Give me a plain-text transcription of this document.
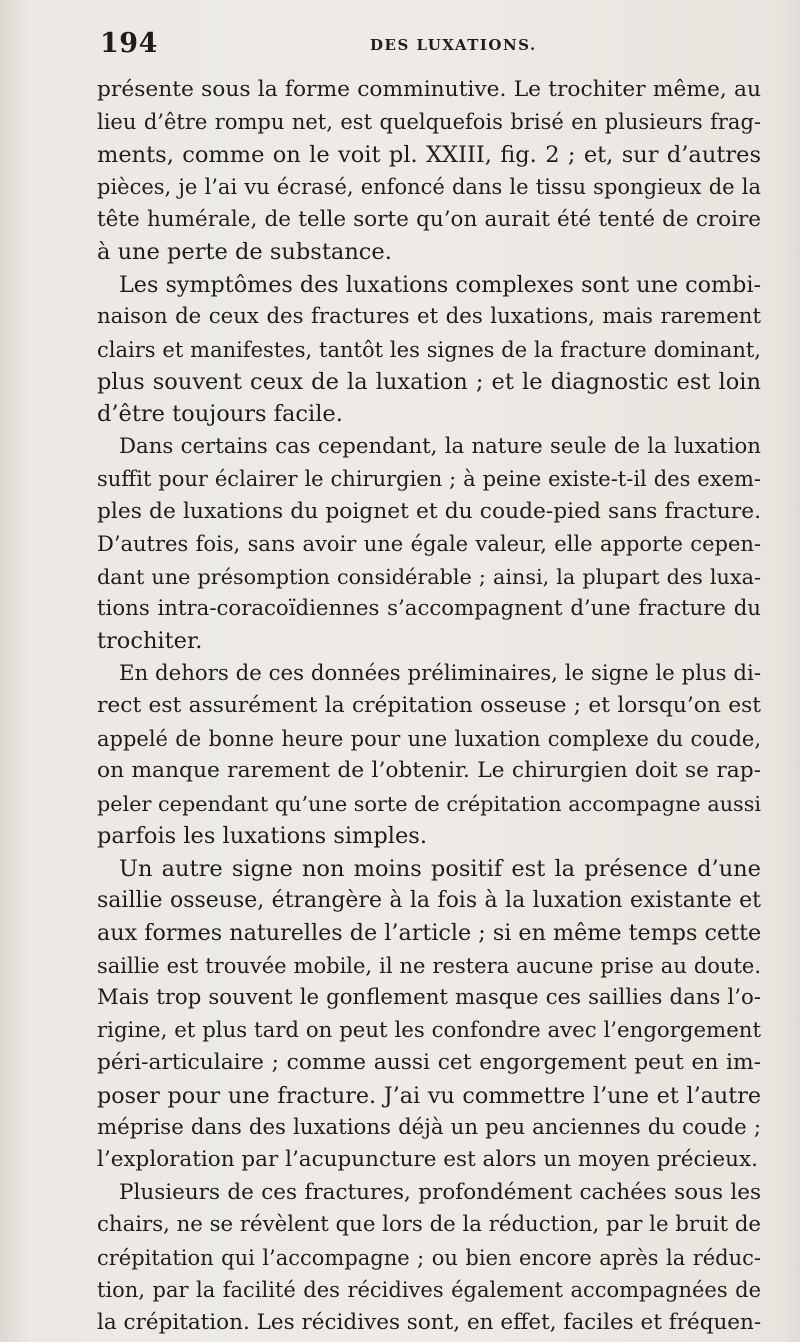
194	DES LUXATIONS.
présente sous la forme comminutive. Le trochiter même, au
lieu d’être rompu net, est quelquefois brisé en plusieurs frag-
ments, comme on le voit pl. XXIII, fig. 2 ; et, sur d’autres
pièces, je l’ai vu écrasé, enfoncé dans le tissu spongieux de la
tête humérale, de telle sorte qu’on aurait été tenté de croire
à une perte de substance.
Les symptômes des luxations complexes sont une combi-
naison de ceux des fractures et des luxations, mais rarement
clairs et manifestes, tantôt les signes de la fracture dominant,
plus souvent ceux de la luxation ; et le diagnostic est loin
d’être toujours facile.
Dans certains cas cependant, la nature seule de la luxation
suffit pour éclairer le chirurgien ; à peine existe-t-il des exem-
ples de luxations du poignet et du coude-pied sans fracture.
D’autres fois, sans avoir une égale valeur, elle apporte cepen-
dant une présomption considérable ; ainsi, la plupart des luxa-
tions intra-coracoïdiennes s’accompagnent d’une fracture du
trochiter.
En dehors de ces données préliminaires, le signe le plus di-
rect est assurément la crépitation osseuse ; et lorsqu’on est
appelé de bonne heure pour une luxation complexe du coude,
on manque rarement de l’obtenir. Le chirurgien doit se rap-
peler cependant qu’une sorte de crépitation accompagne aussi
parfois les luxations simples.
Un autre signe non moins positif est la présence d’une
saillie osseuse, étrangère à la fois à la luxation existante et
aux formes naturelles de l’article ; si en même temps cette
saillie est trouvée mobile, il ne restera aucune prise au doute.
Mais trop souvent le gonflement masque ces saillies dans l’o-
rigine, et plus tard on peut les confondre avec l’engorgement
péri-articulaire ; comme aussi cet engorgement peut en im-
poser pour une fracture. J’ai vu commettre l’une et l’autre
méprise dans des luxations déjà un peu anciennes du coude ;
l’exploration par l’acupuncture est alors un moyen précieux.
Plusieurs de ces fractures, profondément cachées sous les
chairs, ne se révèlent que lors de la réduction, par le bruit de
crépitation qui l’accompagne ; ou bien encore après la réduc-
tion, par la facilité des récidives également accompagnées de
la crépitation. Les récidives sont, en effet, faciles et fréquen-
